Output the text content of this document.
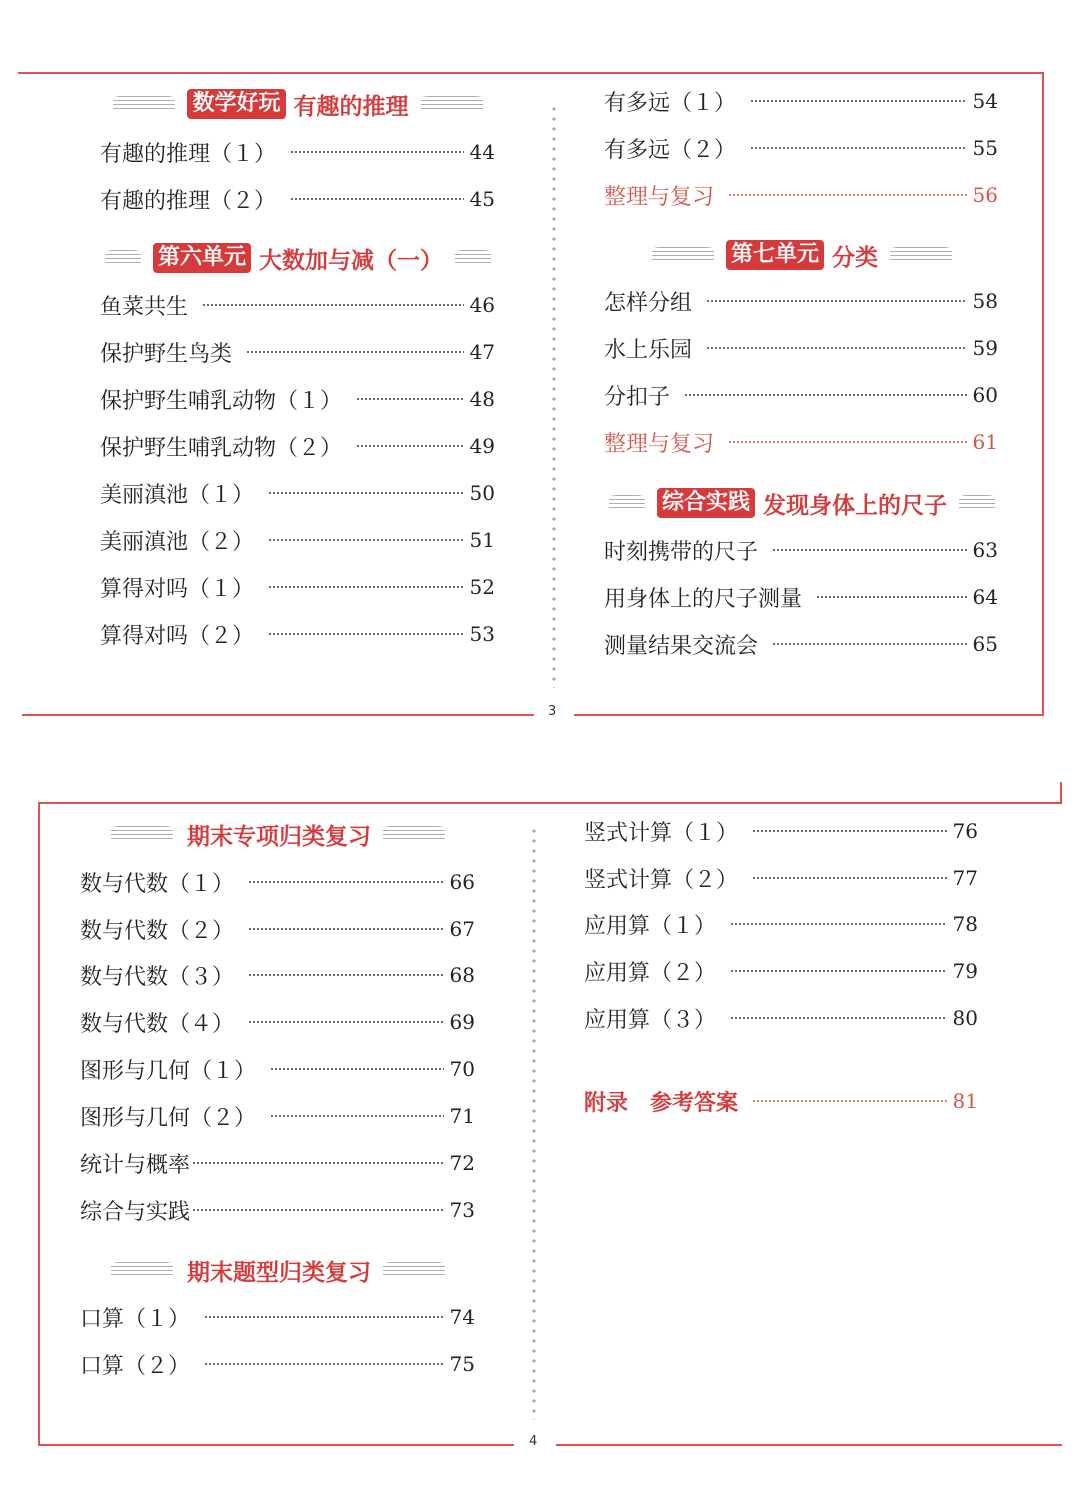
3
数学好玩 有趣的推理
有趣的推理（１）	44
有趣的推理（２）	45
第六单元 大数加与减（一）
鱼菜共生	46
保护野生鸟类	47
保护野生哺乳动物（１）	48
保护野生哺乳动物（２）	49
美丽滇池（１）	50
美丽滇池（２）	51
算得对吗（１）	52
算得对吗（２）	53
有多远（１）	54
有多远（２）	55
整理与复习	56
第七单元 分类
怎样分组	58
水上乐园	59
分扣子	60
整理与复习	61
综合实践 发现身体上的尺子
时刻携带的尺子	63
用身体上的尺子测量	64
测量结果交流会	65
4
期末专项归类复习
数与代数（１）	66
数与代数（２）	67
数与代数（３）	68
数与代数（４）	69
图形与几何（１）	70
图形与几何（２）	71
统计与概率	72
综合与实践	73
期末题型归类复习
口算（１）	74
口算（２）	75
竖式计算（１）	76
竖式计算（２）	77
应用算（１）	78
应用算（２）	79
应用算（３）	80
附录　参考答案	81
